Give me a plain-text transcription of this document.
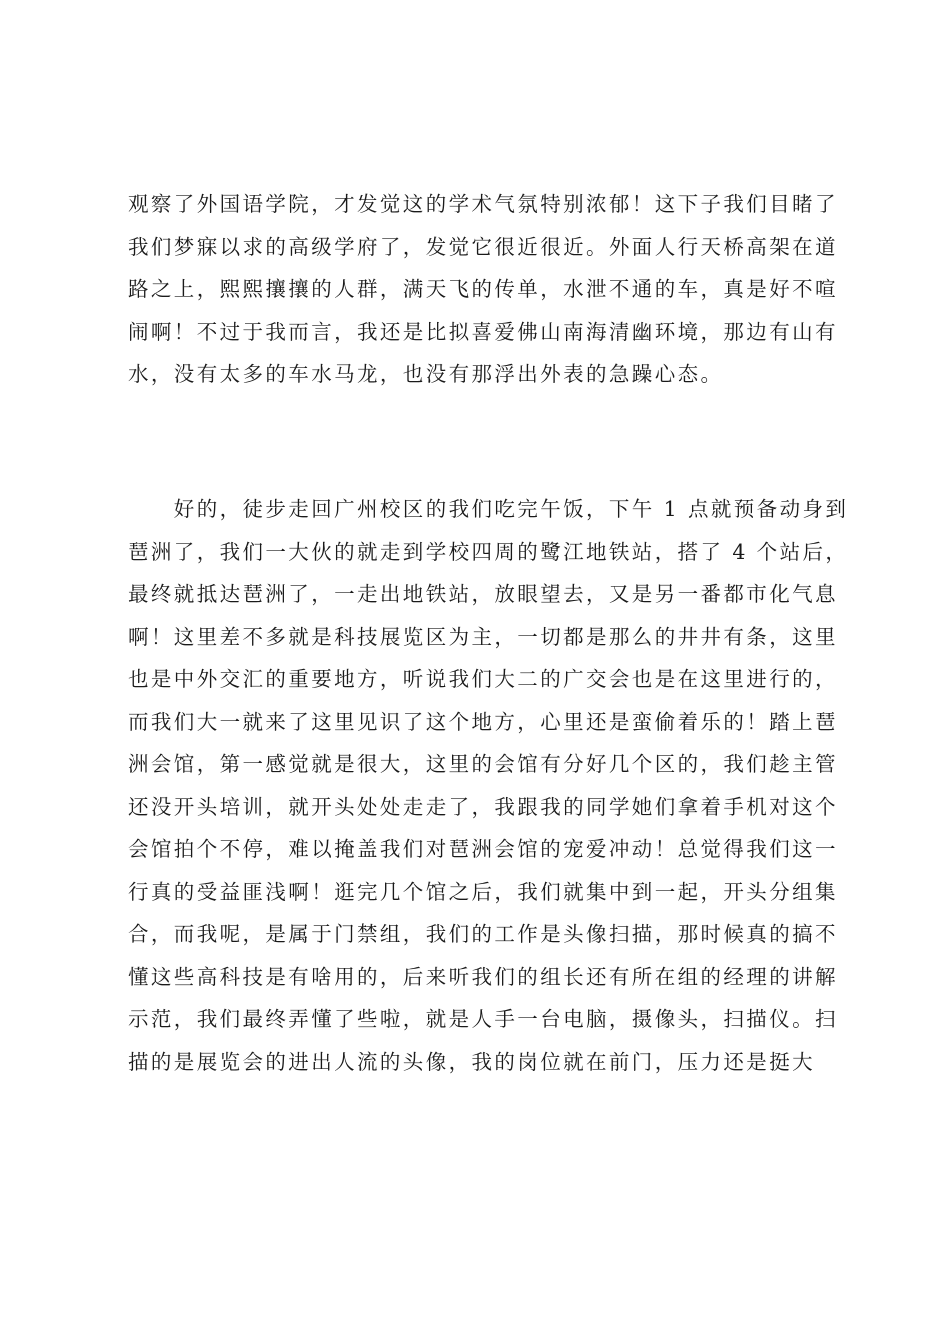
观察了外国语学院，才发觉这的学术气氛特别浓郁！这下子我们目睹了
我们梦寐以求的高级学府了，发觉它很近很近。外面人行天桥高架在道
路之上，熙熙攘攘的人群，满天飞的传单，水泄不通的车，真是好不喧
闹啊！不过于我而言，我还是比拟喜爱佛山南海清幽环境，那边有山有
水，没有太多的车水马龙，也没有那浮出外表的急躁心态。
　　好的，徒步走回广州校区的我们吃完午饭，下午 1 点就预备动身到
琶洲了，我们一大伙的就走到学校四周的鹭江地铁站，搭了 4 个站后，
最终就抵达琶洲了，一走出地铁站，放眼望去，又是另一番都市化气息
啊！这里差不多就是科技展览区为主，一切都是那么的井井有条，这里
也是中外交汇的重要地方，听说我们大二的广交会也是在这里进行的，
而我们大一就来了这里见识了这个地方，心里还是蛮偷着乐的！踏上琶
洲会馆，第一感觉就是很大，这里的会馆有分好几个区的，我们趁主管
还没开头培训，就开头处处走走了，我跟我的同学她们拿着手机对这个
会馆拍个不停，难以掩盖我们对琶洲会馆的宠爱冲动！总觉得我们这一
行真的受益匪浅啊！逛完几个馆之后，我们就集中到一起，开头分组集
合，而我呢，是属于门禁组，我们的工作是头像扫描，那时候真的搞不
懂这些高科技是有啥用的，后来听我们的组长还有所在组的经理的讲解
示范，我们最终弄懂了些啦，就是人手一台电脑，摄像头，扫描仪。扫
描的是展览会的进出人流的头像，我的岗位就在前门，压力还是挺大
